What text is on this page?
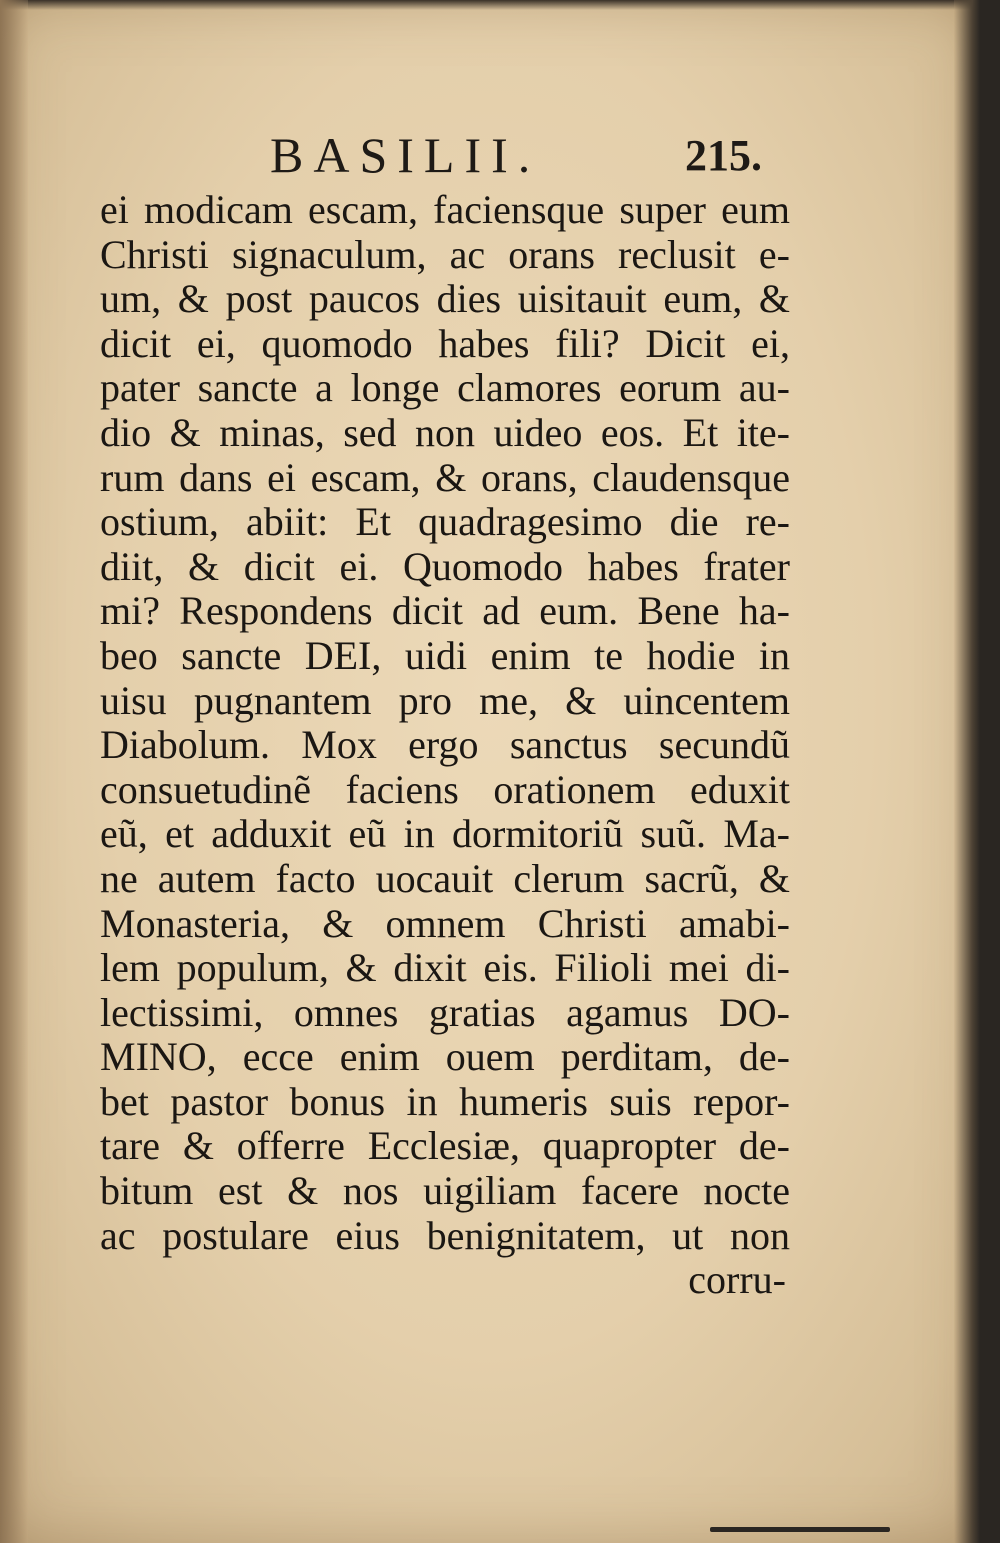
BASILII.	215.
ei modicam escam, faciensque super eum
Christi signaculum, ac orans reclusit e-
um, & post paucos dies uisitauit eum, &
dicit ei, quomodo habes fili? Dicit ei,
pater sancte a longe clamores eorum au-
dio & minas, sed non uideo eos. Et ite-
rum dans ei escam, & orans, claudensque
ostium, abiit: Et quadragesimo die re-
diit, & dicit ei. Quomodo habes frater
mi? Respondens dicit ad eum. Bene ha-
beo sancte DEI, uidi enim te hodie in
uisu pugnantem pro me, & uincentem
Diabolum. Mox ergo sanctus secundũ
consuetudinẽ faciens orationem eduxit
eũ, et adduxit eũ in dormitoriũ suũ. Ma-
ne autem facto uocauit clerum sacrũ, &
Monasteria, & omnem Christi amabi-
lem populum, & dixit eis. Filioli mei di-
lectissimi, omnes gratias agamus DO-
MINO, ecce enim ouem perditam, de-
bet pastor bonus in humeris suis repor-
tare & offerre Ecclesiæ, quapropter de-
bitum est & nos uigiliam facere nocte
ac postulare eius benignitatem, ut non
corru-
